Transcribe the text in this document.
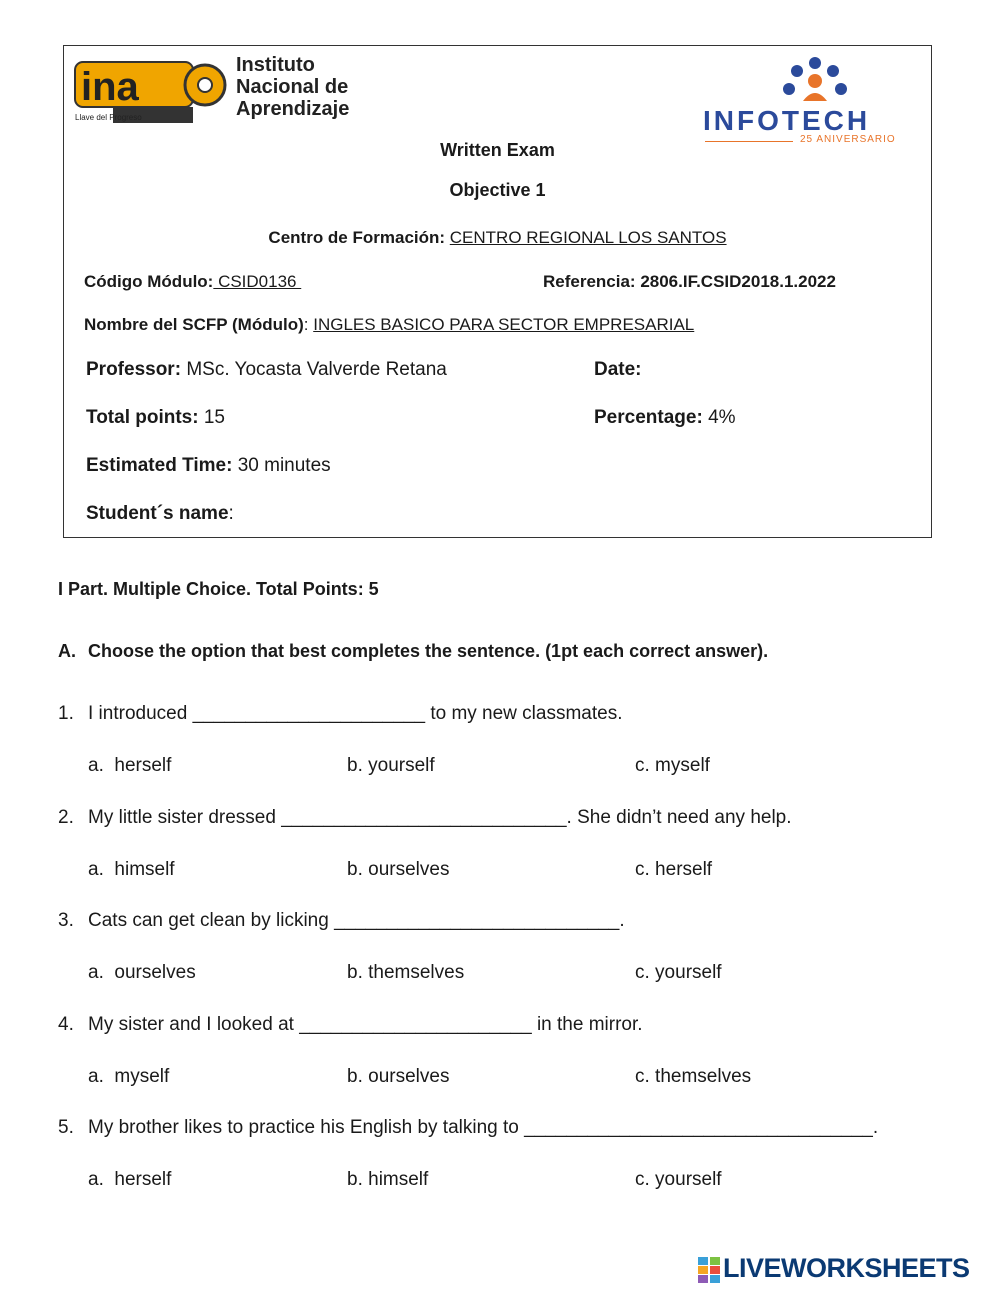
ina
Llave del Progreso
Instituto
Nacional de
Aprendizaje	INFOTECH
25 ANIVERSARIO
Written Exam
Objective 1
Centro de Formación: CENTRO REGIONAL LOS SANTOS
Código Módulo: CSID0136	Referencia: 2806.IF.CSID2018.1.2022
Nombre del SCFP (Módulo): INGLES BASICO PARA SECTOR EMPRESARIAL
Professor: MSc. Yocasta Valverde Retana	Date:
Total points: 15	Percentage: 4%
Estimated Time: 30 minutes
Student´s name:
I Part. Multiple Choice. Total Points: 5
A. Choose the option that best completes the sentence. (1pt each correct answer).
1. I introduced ______________________ to my new classmates.
a.  herself	b. yourself	c. myself
2. My little sister dressed ___________________________. She didn’t need any help.
a.  himself	b. ourselves	c. herself
3. Cats can get clean by licking ___________________________.
a.  ourselves	b. themselves	c. yourself
4. My sister and I looked at ______________________ in the mirror.
a.  myself	b. ourselves	c. themselves
5. My brother likes to practice his English by talking to _________________________________.
a.  herself	b. himself	c. yourself
LIVEWORKSHEETS
